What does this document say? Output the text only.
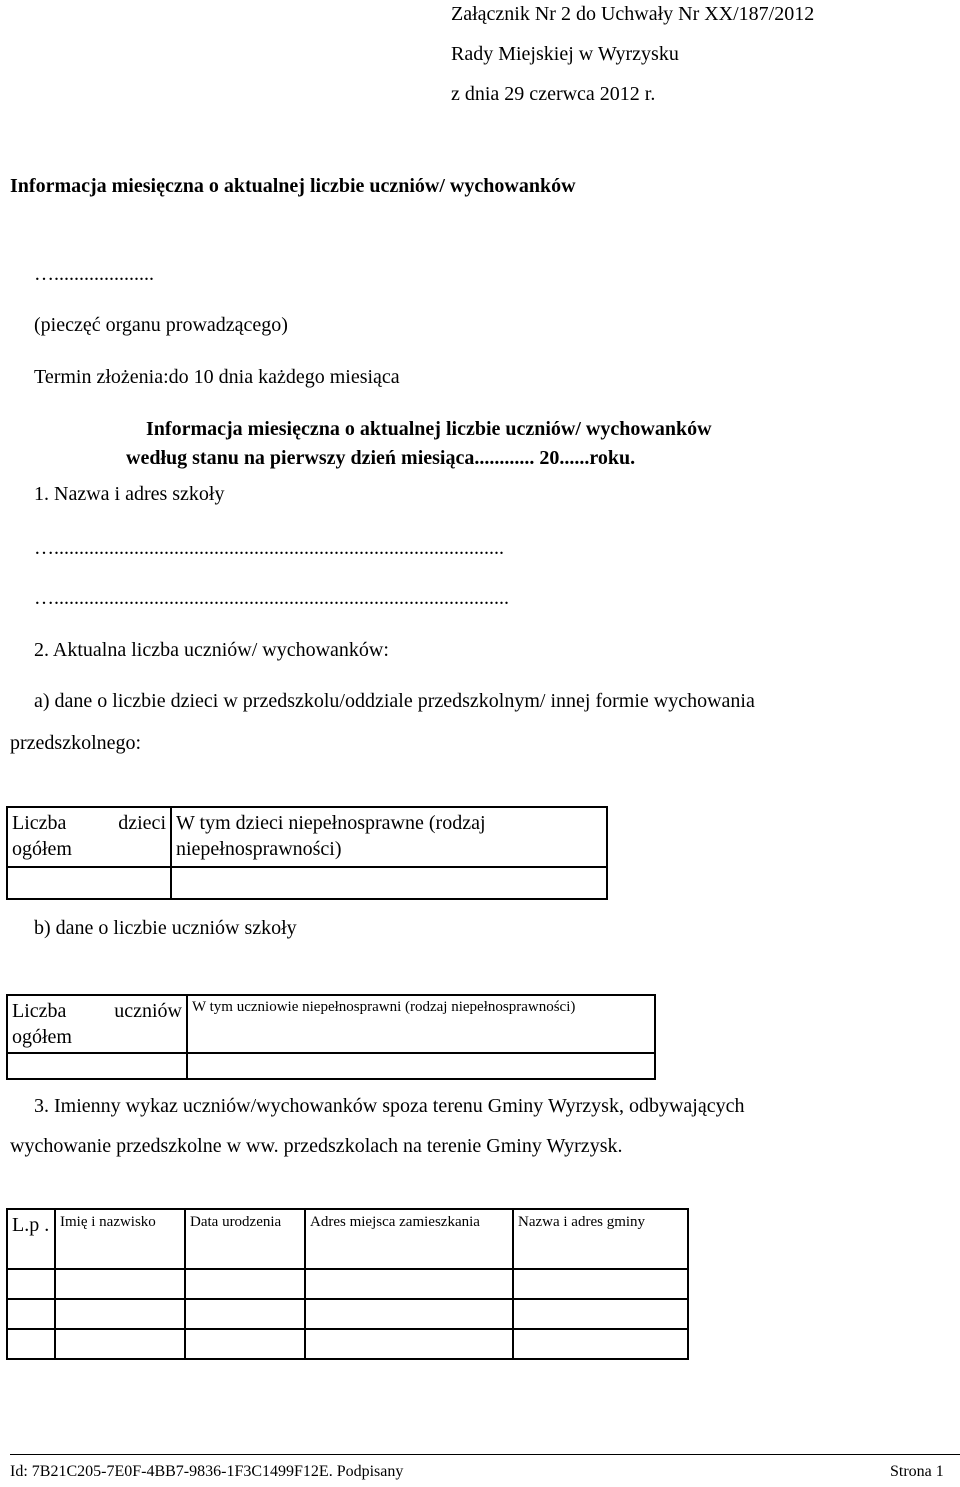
Załącznik Nr 2 do Uchwały Nr XX/187/2012
Rady Miejskiej w Wyrzysku
z dnia 29 czerwca 2012 r.
Informacja miesięczna o aktualnej liczbie uczniów/ wychowanków
…....................
(pieczęć organu prowadzącego)
Termin złożenia:do 10 dnia każdego miesiąca
Informacja miesięczna o aktualnej liczbie uczniów/ wychowanków
według stanu na pierwszy dzień miesiąca............ 20......roku.
1. Nazwa i adres szkoły
…..........................................................................................
…...........................................................................................
2. Aktualna liczba uczniów/ wychowanków:
a) dane o liczbie dzieci w przedszkolu/oddziale przedszkolnym/ innej formie wychowania
przedszkolnego:
Liczba dzieci
ogółem	W tym dzieci niepełnosprawne (rodzaj niepełnosprawności)

b) dane o liczbie uczniów szkoły
Liczba uczniów
ogółem	W tym uczniowie niepełnosprawni (rodzaj niepełnosprawności)

3. Imienny wykaz uczniów/wychowanków spoza terenu Gminy Wyrzysk, odbywających
wychowanie przedszkolne w ww. przedszkolach na terenie Gminy Wyrzysk.
L.p .	Imię i nazwisko	Data urodzenia	Adres miejsca zamieszkania	Nazwa i adres gminy

Id: 7B21C205-7E0F-4BB7-9836-1F3C1499F12E. Podpisany	Strona 1
